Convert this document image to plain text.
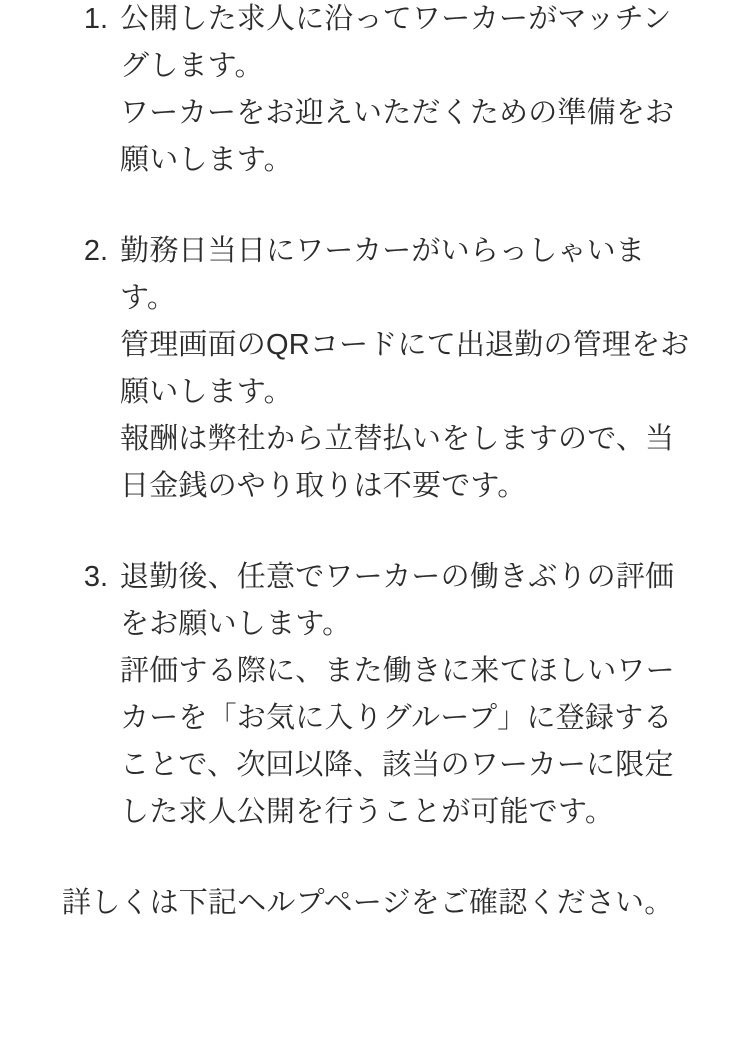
1. 公開した求人に沿ってワーカーがマッチングします。

ワーカーをお迎えいただくための準備をお願いします。

2. 勤務日当日にワーカーがいらっしゃいます。

管理画面のQRコードにて出退勤の管理をお願いします。

報酬は弊社から立替払いをしますので、当日金銭のやり取りは不要です。

3. 退勤後、任意でワーカーの働きぶりの評価をお願いします。

評価する際に、また働きに来てほしいワーカーを「お気に入りグループ」に登録することで、次回以降、該当のワーカーに限定した求人公開を行うことが可能です。

詳しくは下記ヘルプページをご確認ください。
